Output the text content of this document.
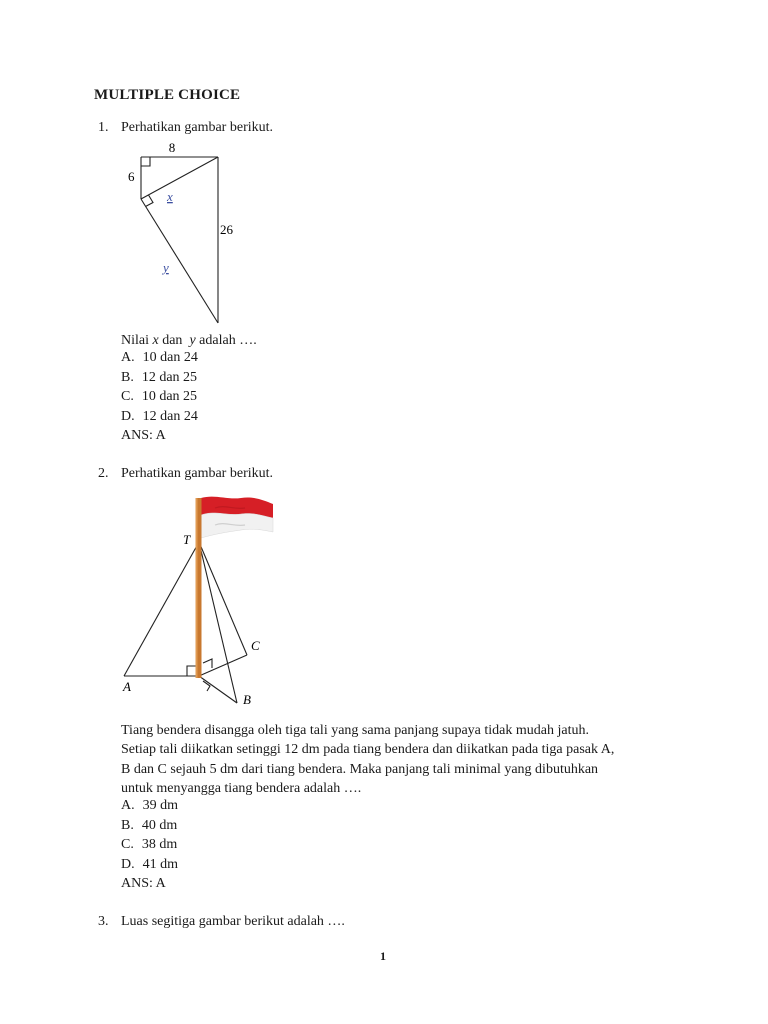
MULTIPLE CHOICE
1. Perhatikan gambar berikut.
8
6
x
26
y
Nilai x dan  y adalah ….
A. 10 dan 24
B. 12 dan 25
C. 10 dan 25
D. 12 dan 24
ANS: A
2. Perhatikan gambar berikut.
T
A
B
C
Tiang bendera disangga oleh tiga tali yang sama panjang supaya tidak mudah jatuh.
Setiap tali diikatkan setinggi 12 dm pada tiang bendera dan diikatkan pada tiga pasak A,
B dan C sejauh 5 dm dari tiang bendera. Maka panjang tali minimal yang dibutuhkan
untuk menyangga tiang bendera adalah ….
A. 39 dm
B. 40 dm
C. 38 dm
D. 41 dm
ANS: A
3. Luas segitiga gambar berikut adalah ….
1
